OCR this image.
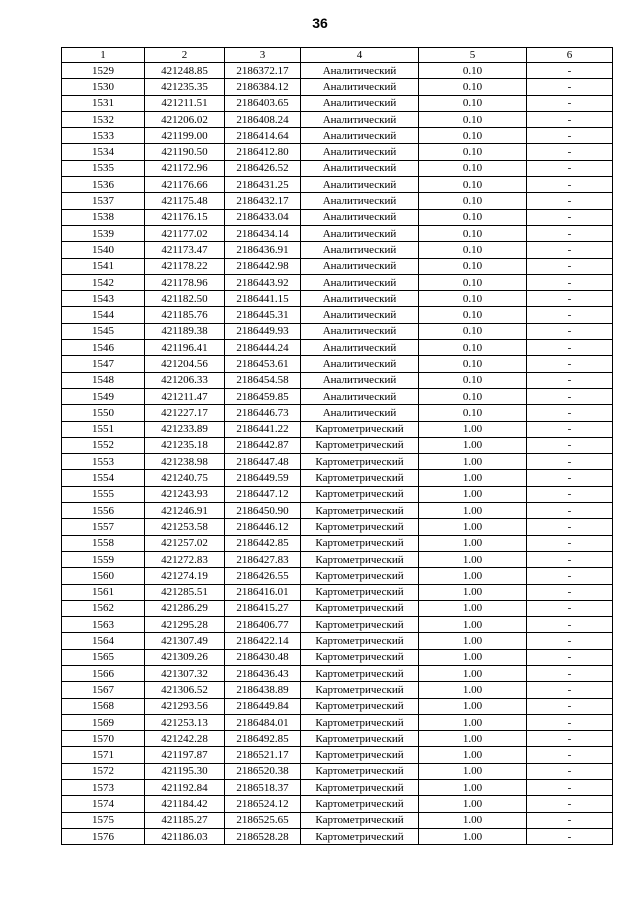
36
1	2	3	4	5	6
1529	421248.85	2186372.17	Аналитический	0.10	-
1530	421235.35	2186384.12	Аналитический	0.10	-
1531	421211.51	2186403.65	Аналитический	0.10	-
1532	421206.02	2186408.24	Аналитический	0.10	-
1533	421199.00	2186414.64	Аналитический	0.10	-
1534	421190.50	2186412.80	Аналитический	0.10	-
1535	421172.96	2186426.52	Аналитический	0.10	-
1536	421176.66	2186431.25	Аналитический	0.10	-
1537	421175.48	2186432.17	Аналитический	0.10	-
1538	421176.15	2186433.04	Аналитический	0.10	-
1539	421177.02	2186434.14	Аналитический	0.10	-
1540	421173.47	2186436.91	Аналитический	0.10	-
1541	421178.22	2186442.98	Аналитический	0.10	-
1542	421178.96	2186443.92	Аналитический	0.10	-
1543	421182.50	2186441.15	Аналитический	0.10	-
1544	421185.76	2186445.31	Аналитический	0.10	-
1545	421189.38	2186449.93	Аналитический	0.10	-
1546	421196.41	2186444.24	Аналитический	0.10	-
1547	421204.56	2186453.61	Аналитический	0.10	-
1548	421206.33	2186454.58	Аналитический	0.10	-
1549	421211.47	2186459.85	Аналитический	0.10	-
1550	421227.17	2186446.73	Аналитический	0.10	-
1551	421233.89	2186441.22	Картометрический	1.00	-
1552	421235.18	2186442.87	Картометрический	1.00	-
1553	421238.98	2186447.48	Картометрический	1.00	-
1554	421240.75	2186449.59	Картометрический	1.00	-
1555	421243.93	2186447.12	Картометрический	1.00	-
1556	421246.91	2186450.90	Картометрический	1.00	-
1557	421253.58	2186446.12	Картометрический	1.00	-
1558	421257.02	2186442.85	Картометрический	1.00	-
1559	421272.83	2186427.83	Картометрический	1.00	-
1560	421274.19	2186426.55	Картометрический	1.00	-
1561	421285.51	2186416.01	Картометрический	1.00	-
1562	421286.29	2186415.27	Картометрический	1.00	-
1563	421295.28	2186406.77	Картометрический	1.00	-
1564	421307.49	2186422.14	Картометрический	1.00	-
1565	421309.26	2186430.48	Картометрический	1.00	-
1566	421307.32	2186436.43	Картометрический	1.00	-
1567	421306.52	2186438.89	Картометрический	1.00	-
1568	421293.56	2186449.84	Картометрический	1.00	-
1569	421253.13	2186484.01	Картометрический	1.00	-
1570	421242.28	2186492.85	Картометрический	1.00	-
1571	421197.87	2186521.17	Картометрический	1.00	-
1572	421195.30	2186520.38	Картометрический	1.00	-
1573	421192.84	2186518.37	Картометрический	1.00	-
1574	421184.42	2186524.12	Картометрический	1.00	-
1575	421185.27	2186525.65	Картометрический	1.00	-
1576	421186.03	2186528.28	Картометрический	1.00	-
